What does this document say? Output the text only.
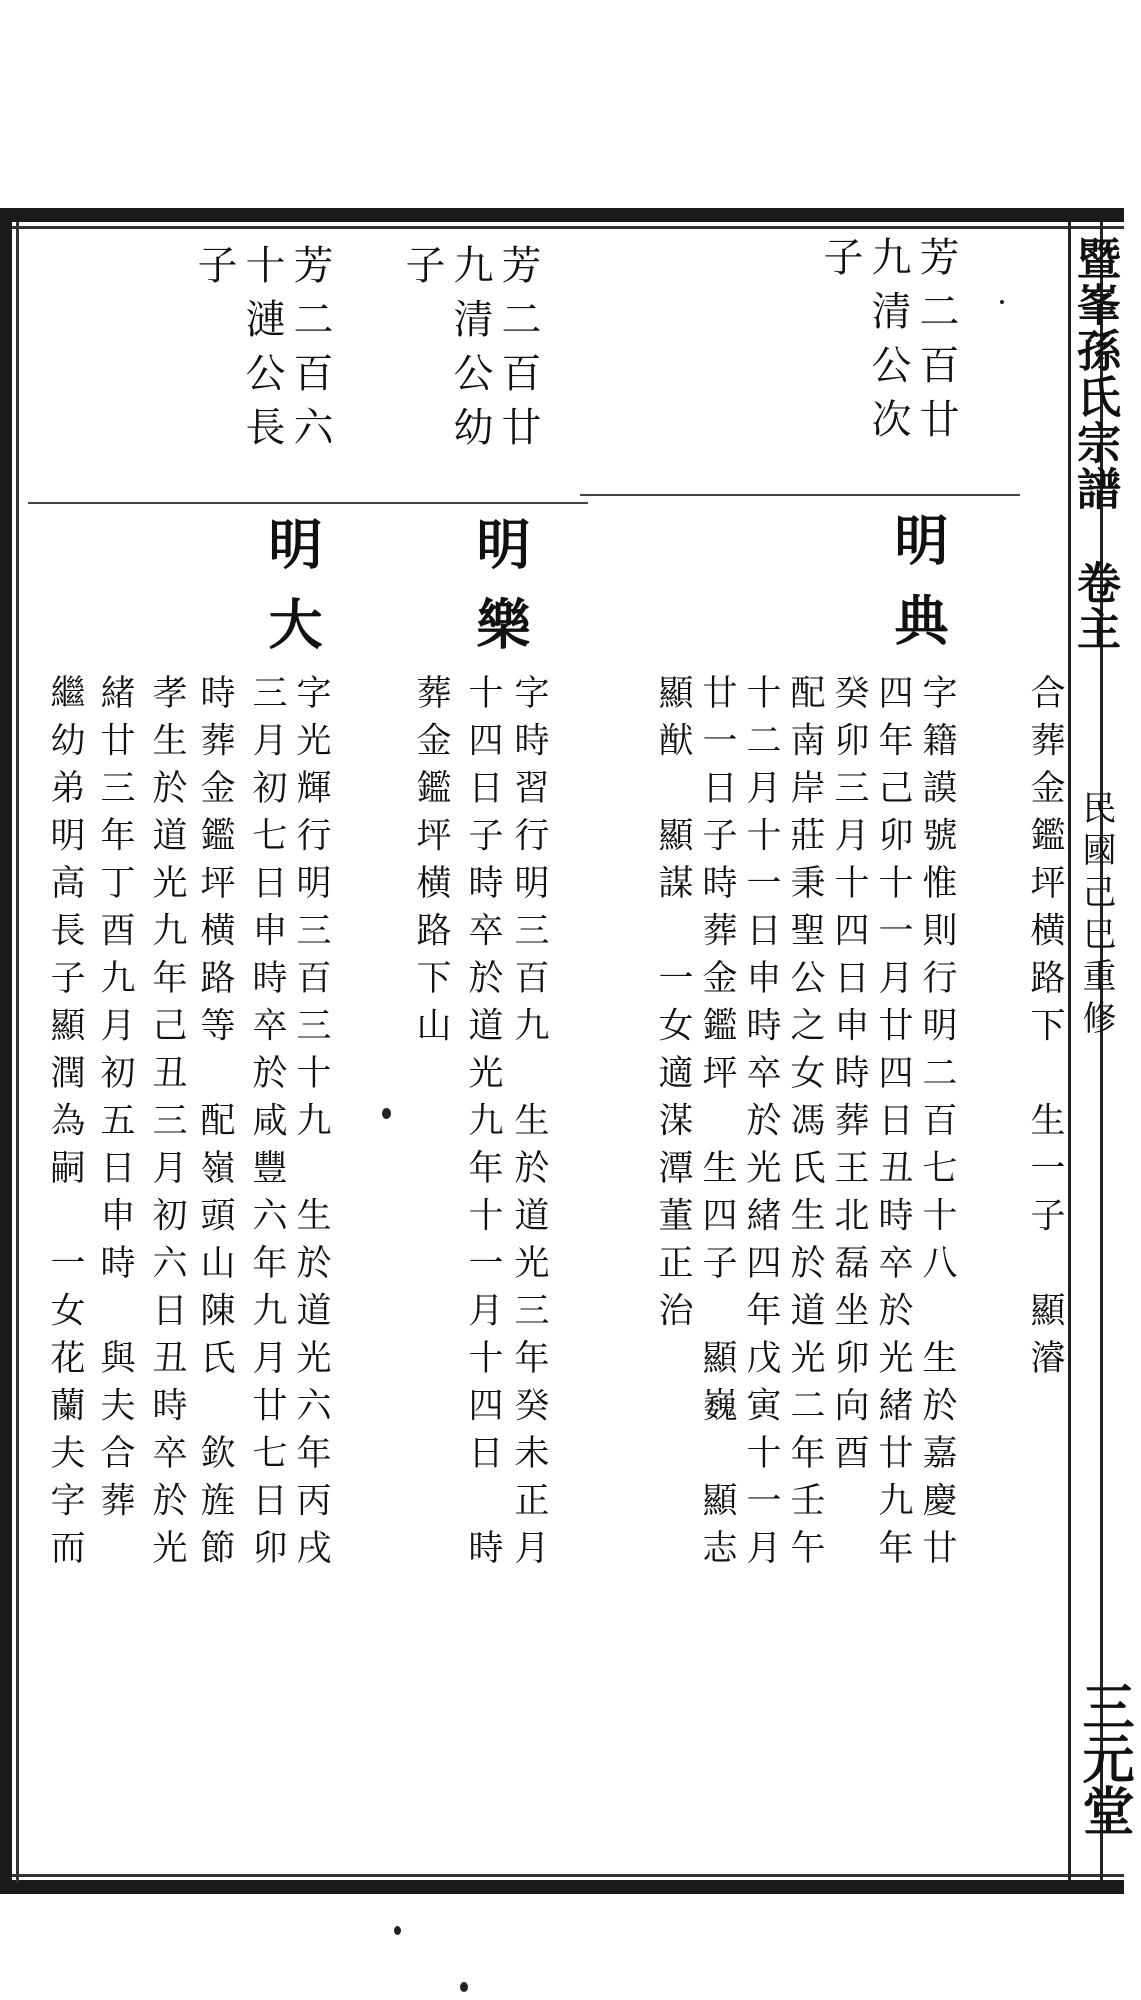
暨峯孫氏宗譜
卷主
民國己巳重修
三元堂
合葬金鑑坪横路下　生一子　顯濬
芳二百廿
九清公次
子
明典
字籍謨號惟則行明二百七十八　生於嘉慶廿
四年己卯十一月廿四日丑時卒於光緒廿九年
癸卯三月十四日申時葬王北磊坐卯向酉
配南岸莊秉聖公之女馮氏生於道光二年壬午
十二月十一日申時卒於光緒四年戊寅十一月
廿一日子時葬金鑑坪　生四子　顯巍　顯志
顯猷　顯謀　一女適湈潭董正治
芳二百廿
九清公幼
子
明樂
字時習行明三百九　生於道光三年癸未正月
十四日子時卒於道光九年十一月十四日　時
葬金鑑坪横路下山
芳二百六
十漣公長
子
明大
字光輝行明三百三十九　生於道光六年丙戌
三月初七日申時卒於咸豐六年九月廿七日卯
時葬金鑑坪横路等　配嶺頭山陳氏　欽旌節
孝生於道光九年己丑三月初六日丑時卒於光
緒廿三年丁酉九月初五日申時　與夫合葬
繼幼弟明高長子顯潤為嗣　一女花蘭夫字而
